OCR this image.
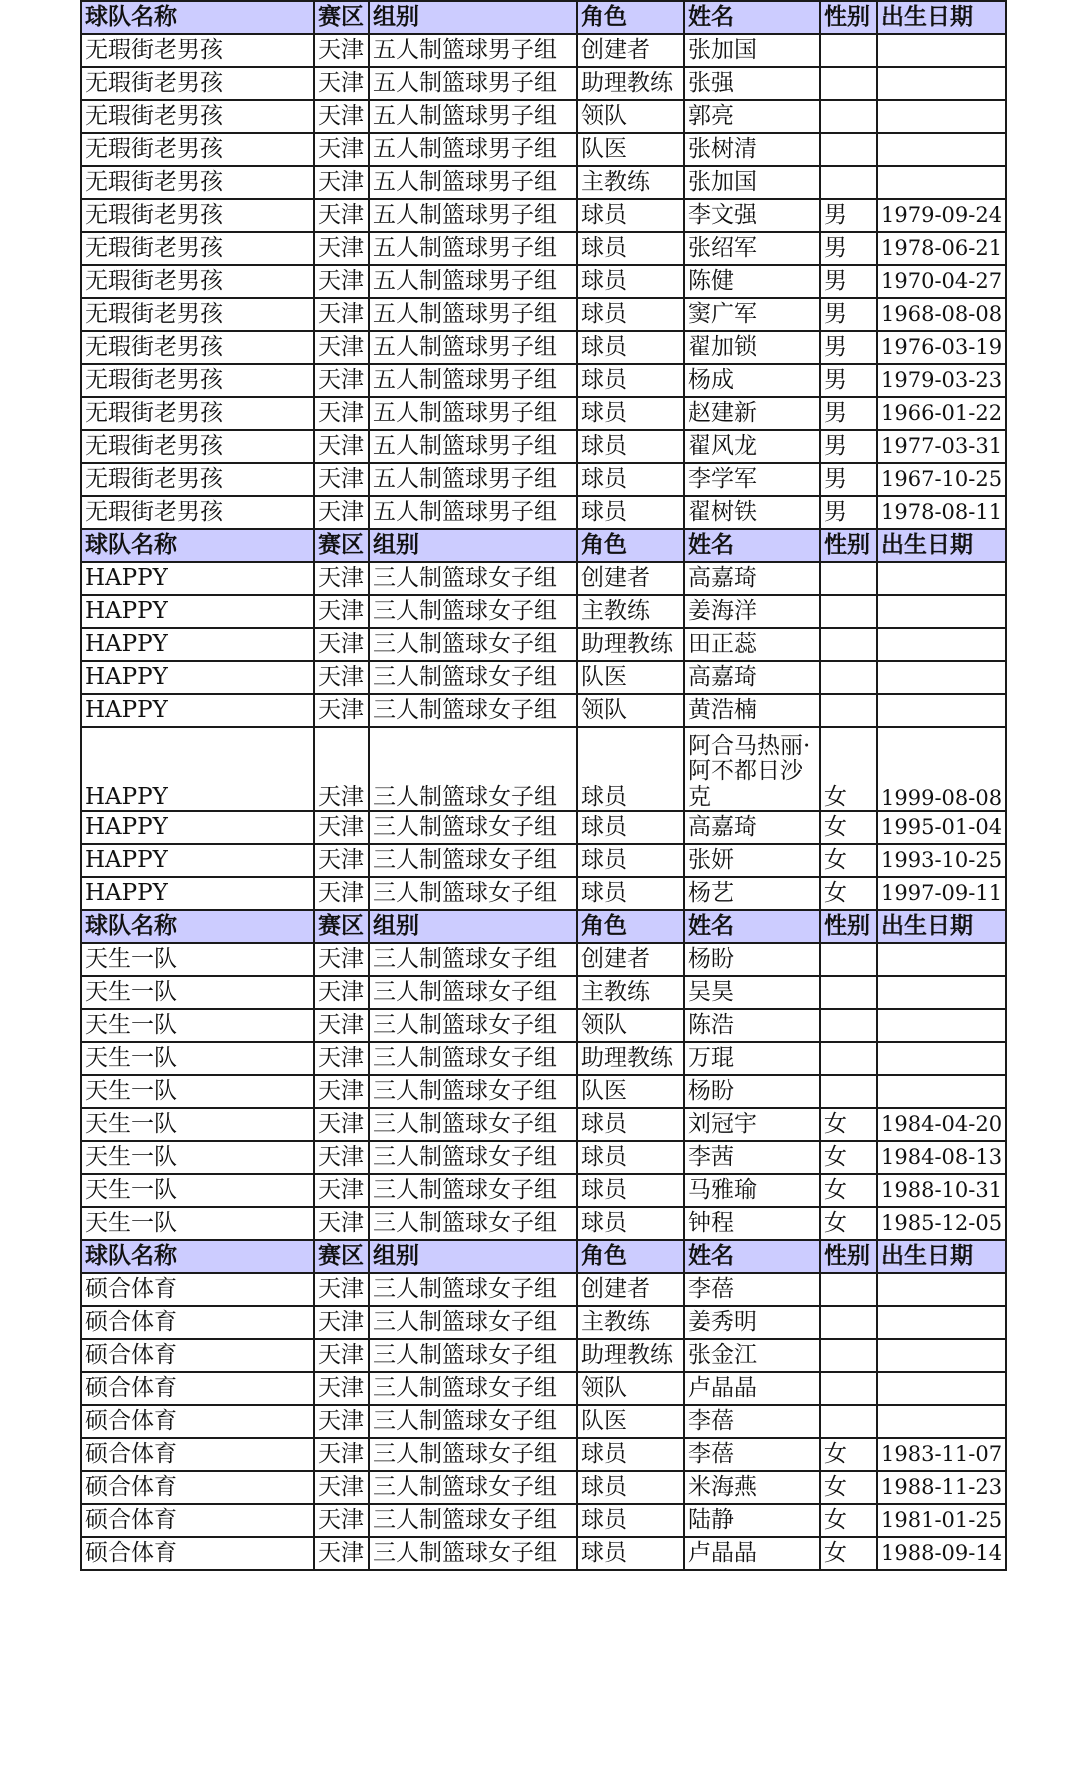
球队名称	赛区	组别	角色	姓名	性别	出生日期
无瑕街老男孩	天津	五人制篮球男子组	创建者	张加国		
无瑕街老男孩	天津	五人制篮球男子组	助理教练	张强		
无瑕街老男孩	天津	五人制篮球男子组	领队	郭亮		
无瑕街老男孩	天津	五人制篮球男子组	队医	张树清		
无瑕街老男孩	天津	五人制篮球男子组	主教练	张加国		
无瑕街老男孩	天津	五人制篮球男子组	球员	李文强	男	1979-09-24
无瑕街老男孩	天津	五人制篮球男子组	球员	张绍军	男	1978-06-21
无瑕街老男孩	天津	五人制篮球男子组	球员	陈健	男	1970-04-27
无瑕街老男孩	天津	五人制篮球男子组	球员	窦广军	男	1968-08-08
无瑕街老男孩	天津	五人制篮球男子组	球员	翟加锁	男	1976-03-19
无瑕街老男孩	天津	五人制篮球男子组	球员	杨成	男	1979-03-23
无瑕街老男孩	天津	五人制篮球男子组	球员	赵建新	男	1966-01-22
无瑕街老男孩	天津	五人制篮球男子组	球员	翟风龙	男	1977-03-31
无瑕街老男孩	天津	五人制篮球男子组	球员	李学军	男	1967-10-25
无瑕街老男孩	天津	五人制篮球男子组	球员	翟树铁	男	1978-08-11
球队名称	赛区	组别	角色	姓名	性别	出生日期
HAPPY	天津	三人制篮球女子组	创建者	高嘉琦		
HAPPY	天津	三人制篮球女子组	主教练	姜海洋		
HAPPY	天津	三人制篮球女子组	助理教练	田正蕊		
HAPPY	天津	三人制篮球女子组	队医	高嘉琦		
HAPPY	天津	三人制篮球女子组	领队	黄浩楠		
HAPPY	天津	三人制篮球女子组	球员	阿合马热丽·阿不都日沙克	女	1999-08-08
HAPPY	天津	三人制篮球女子组	球员	高嘉琦	女	1995-01-04
HAPPY	天津	三人制篮球女子组	球员	张妍	女	1993-10-25
HAPPY	天津	三人制篮球女子组	球员	杨艺	女	1997-09-11
球队名称	赛区	组别	角色	姓名	性别	出生日期
天生一队	天津	三人制篮球女子组	创建者	杨盼		
天生一队	天津	三人制篮球女子组	主教练	吴昊		
天生一队	天津	三人制篮球女子组	领队	陈浩		
天生一队	天津	三人制篮球女子组	助理教练	万琨		
天生一队	天津	三人制篮球女子组	队医	杨盼		
天生一队	天津	三人制篮球女子组	球员	刘冠宇	女	1984-04-20
天生一队	天津	三人制篮球女子组	球员	李茜	女	1984-08-13
天生一队	天津	三人制篮球女子组	球员	马雅瑜	女	1988-10-31
天生一队	天津	三人制篮球女子组	球员	钟程	女	1985-12-05
球队名称	赛区	组别	角色	姓名	性别	出生日期
硕合体育	天津	三人制篮球女子组	创建者	李蓓		
硕合体育	天津	三人制篮球女子组	主教练	姜秀明		
硕合体育	天津	三人制篮球女子组	助理教练	张金江		
硕合体育	天津	三人制篮球女子组	领队	卢晶晶		
硕合体育	天津	三人制篮球女子组	队医	李蓓		
硕合体育	天津	三人制篮球女子组	球员	李蓓	女	1983-11-07
硕合体育	天津	三人制篮球女子组	球员	米海燕	女	1988-11-23
硕合体育	天津	三人制篮球女子组	球员	陆静	女	1981-01-25
硕合体育	天津	三人制篮球女子组	球员	卢晶晶	女	1988-09-14
